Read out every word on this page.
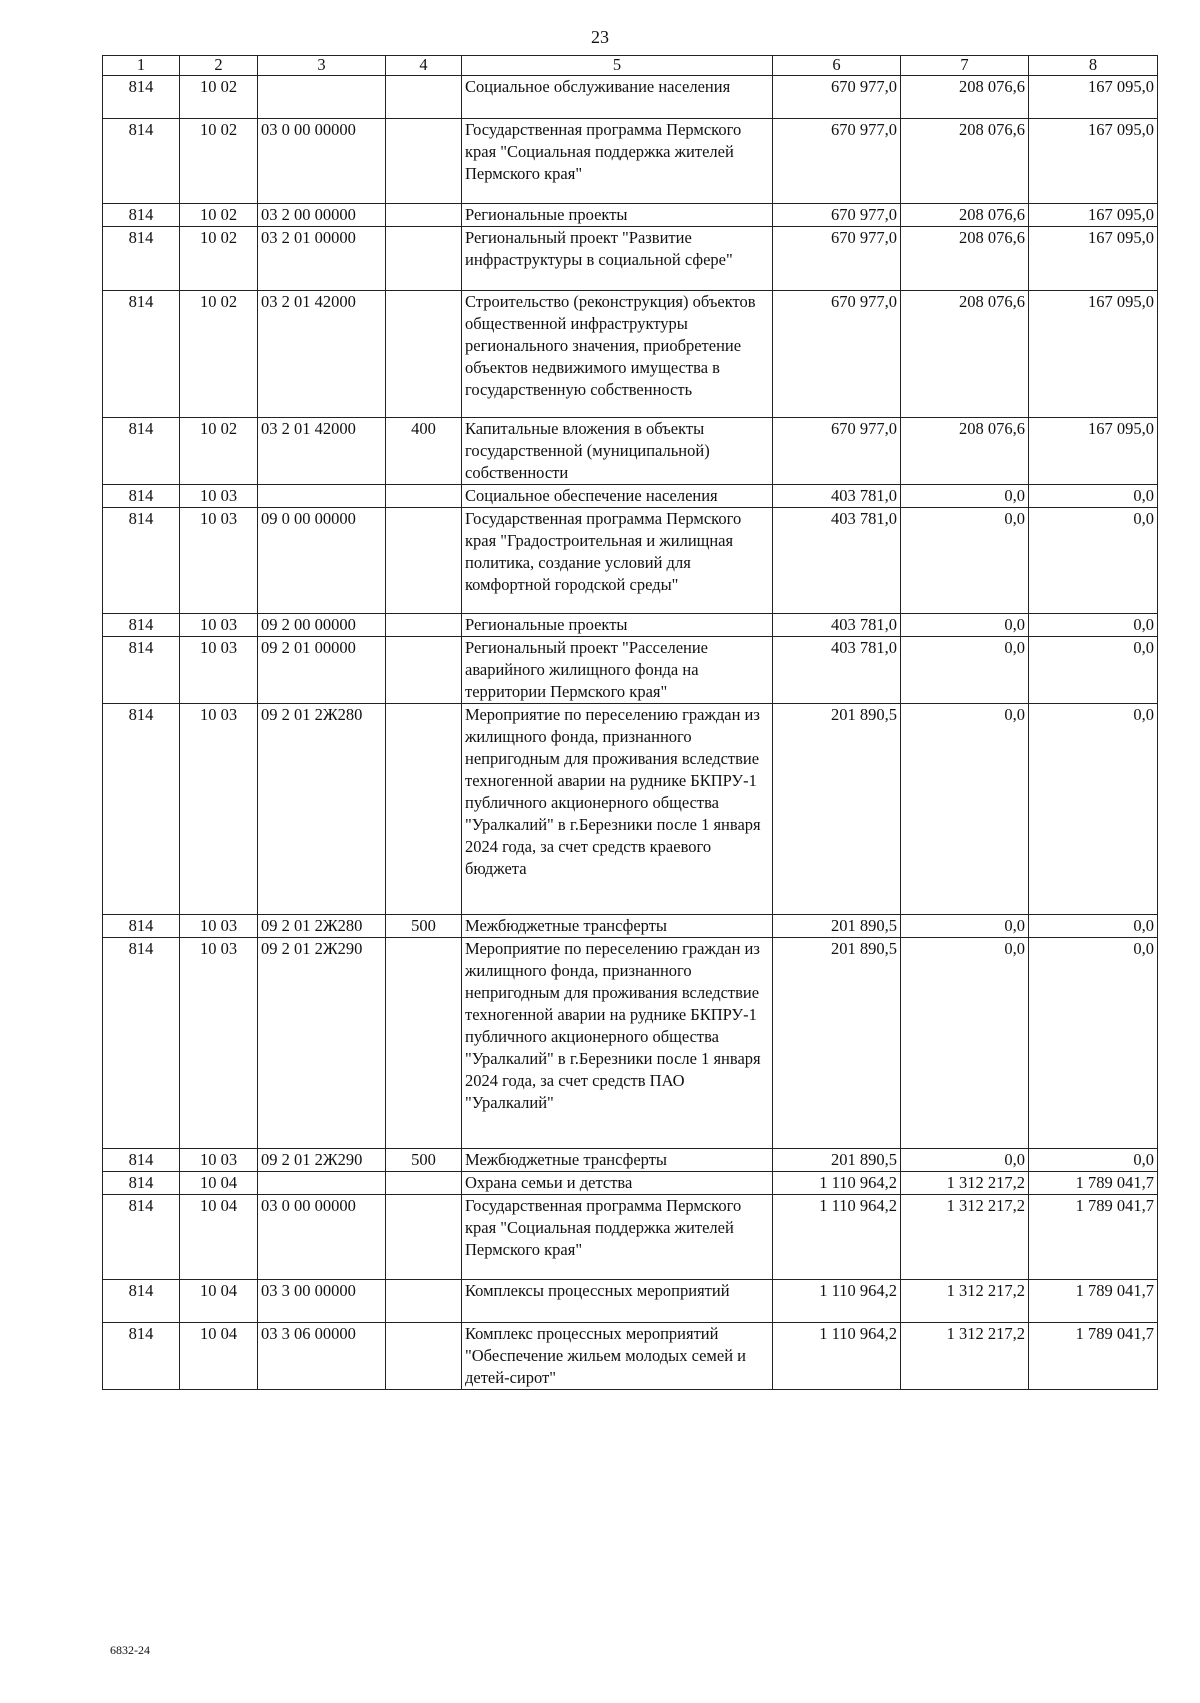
23
1	2	3	4	5	6	7	8
814	10 02			Социальное обслуживание населения	670 977,0	208 076,6	167 095,0
814	10 02	03 0 00 00000		Государственная программа Пермского края "Социальная поддержка жителей Пермского края"	670 977,0	208 076,6	167 095,0
814	10 02	03 2 00 00000		Региональные проекты	670 977,0	208 076,6	167 095,0
814	10 02	03 2 01 00000		Региональный проект "Развитие инфраструктуры в социальной сфере"	670 977,0	208 076,6	167 095,0
814	10 02	03 2 01 42000		Строительство (реконструкция) объектов общественной инфраструктуры регионального значения, приобретение объектов недвижимого имущества в государственную собственность	670 977,0	208 076,6	167 095,0
814	10 02	03 2 01 42000	400	Капитальные вложения в объекты государственной (муниципальной) собственности	670 977,0	208 076,6	167 095,0
814	10 03			Социальное обеспечение населения	403 781,0	0,0	0,0
814	10 03	09 0 00 00000		Государственная программа Пермского края "Градостроительная и жилищная политика, создание условий для комфортной городской среды"	403 781,0	0,0	0,0
814	10 03	09 2 00 00000		Региональные проекты	403 781,0	0,0	0,0
814	10 03	09 2 01 00000		Региональный проект "Расселение аварийного жилищного фонда на территории Пермского края"	403 781,0	0,0	0,0
814	10 03	09 2 01 2Ж280		Мероприятие по переселению граждан из жилищного фонда, признанного непригодным для проживания вследствие техногенной аварии на руднике БКПРУ-1 публичного акционерного общества "Уралкалий" в г.Березники после 1 января 2024 года, за счет средств краевого бюджета	201 890,5	0,0	0,0
814	10 03	09 2 01 2Ж280	500	Межбюджетные трансферты	201 890,5	0,0	0,0
814	10 03	09 2 01 2Ж290		Мероприятие по переселению граждан из жилищного фонда, признанного непригодным для проживания вследствие техногенной аварии на руднике БКПРУ-1 публичного акционерного общества "Уралкалий" в г.Березники после 1 января 2024 года, за счет средств ПАО "Уралкалий"	201 890,5	0,0	0,0
814	10 03	09 2 01 2Ж290	500	Межбюджетные трансферты	201 890,5	0,0	0,0
814	10 04			Охрана семьи и детства	1 110 964,2	1 312 217,2	1 789 041,7
814	10 04	03 0 00 00000		Государственная программа Пермского края "Социальная поддержка жителей Пермского края"	1 110 964,2	1 312 217,2	1 789 041,7
814	10 04	03 3 00 00000		Комплексы процессных мероприятий	1 110 964,2	1 312 217,2	1 789 041,7
814	10 04	03 3 06 00000		Комплекс процессных мероприятий "Обеспечение жильем молодых семей и детей-сирот"	1 110 964,2	1 312 217,2	1 789 041,7
6832-24
